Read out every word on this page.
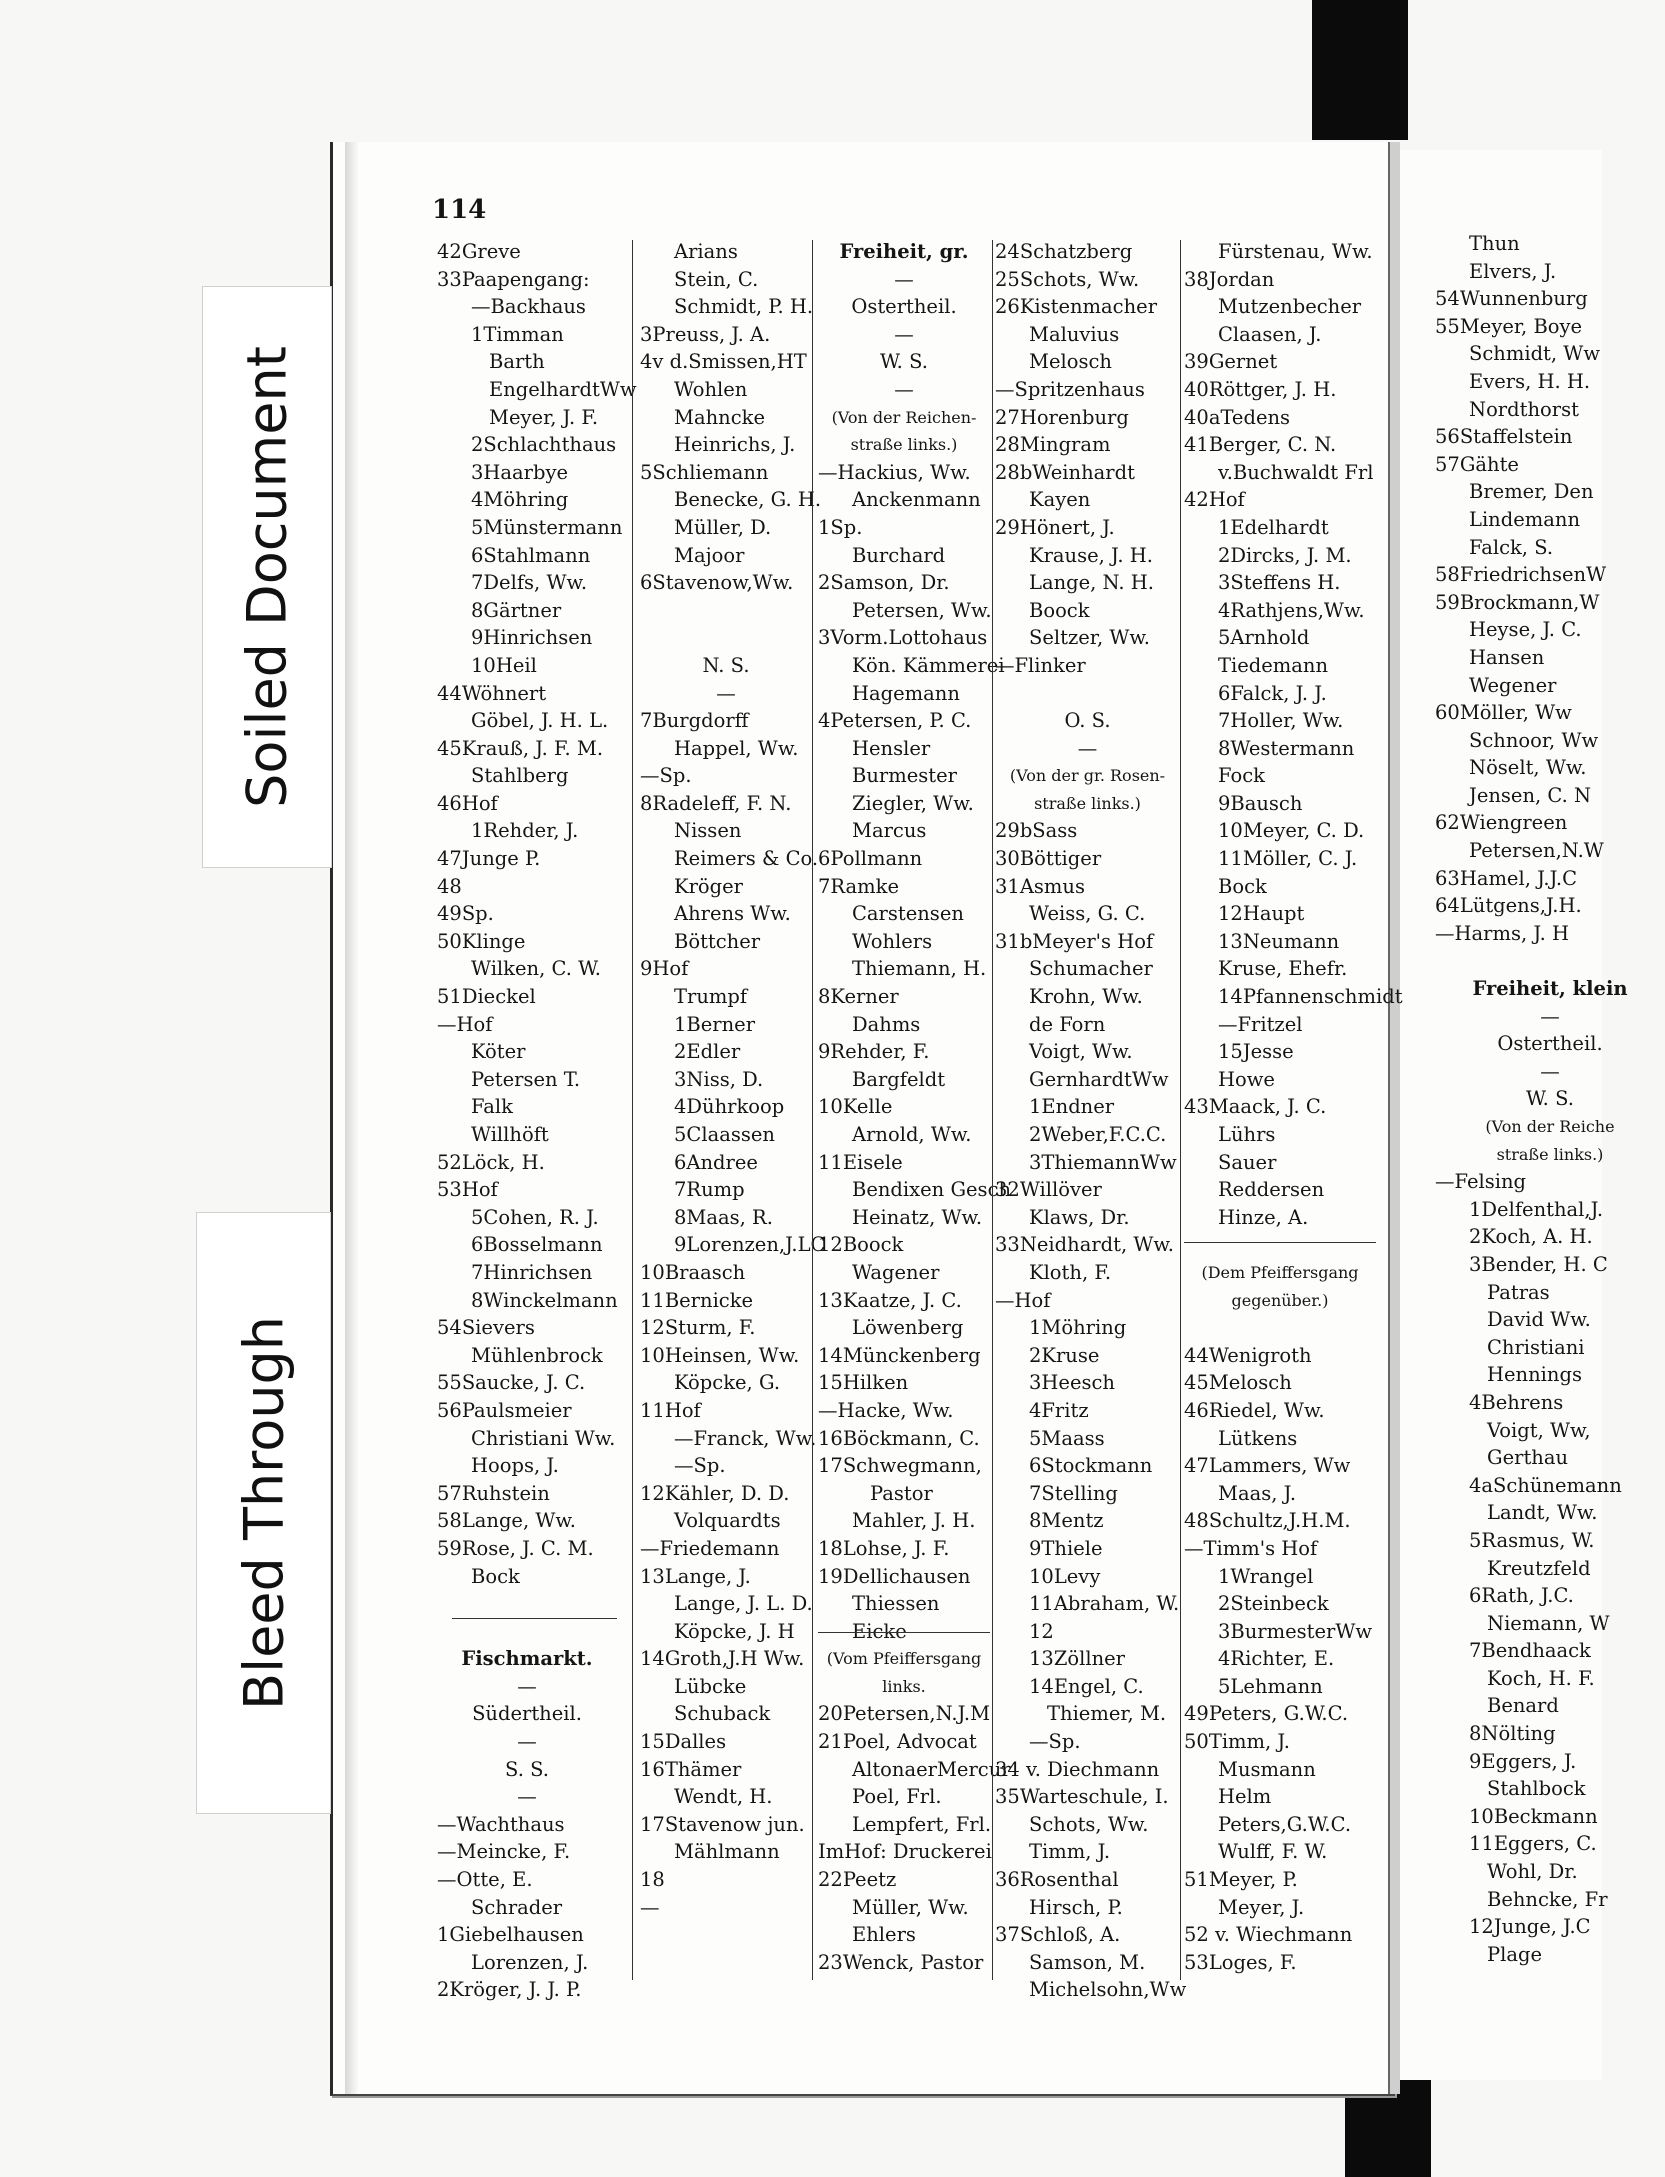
Thun
Elvers, J.
54Wunnenburg
55Meyer, Boye
Schmidt, Ww
Evers, H. H.
Nordthorst
56Staffelstein
57Gähte
Bremer, Den
Lindemann
Falck, S.
58FriedrichsenW
59Brockmann,W
Heyse, J. C.
Hansen
Wegener
60Möller, Ww
Schnoor, Ww
Nöselt, Ww.
Jensen, C. N
62Wiengreen
Petersen,N.W
63Hamel, J.J.C
64Lütgens,J.H.
—Harms, J. H
Freiheit, klein
—
Ostertheil.
—
W. S.
(Von der Reiche
straße links.)
—Felsing
1Delfenthal,J.
2Koch, A. H.
3Bender, H. C
Patras
David Ww.
Christiani
Hennings
4Behrens
Voigt, Ww,
Gerthau
4aSchünemann
Landt, Ww.
5Rasmus, W.
Kreutzfeld
6Rath, J.C.
Niemann, W
7Bendhaack
Koch, H. F.
Benard
8Nölting
9Eggers, J.
Stahlbock
10Beckmann
11Eggers, C.
Wohl, Dr.
Behncke, Fr
12Junge, J.C
Plage
Soiled Document
Bleed Through
114
42Greve
33Paapengang:
—Backhaus
1Timman
Barth
EngelhardtWw
Meyer, J. F.
2Schlachthaus
3Haarbye
4Möhring
5Münstermann
6Stahlmann
7Delfs, Ww.
8Gärtner
9Hinrichsen
10Heil
44Wöhnert
Göbel, J. H. L.
45Krauß, J. F. M.
Stahlberg
46Hof
1Rehder, J.
47Junge P.
48
49Sp.
50Klinge
Wilken, C. W.
51Dieckel
—Hof
Köter
Petersen T.
Falk
Willhöft
52Löck, H.
53Hof
5Cohen, R. J.
6Bosselmann
7Hinrichsen
8Winckelmann
54Sievers
Mühlenbrock
55Saucke, J. C.
56Paulsmeier
Christiani Ww.
Hoops, J.
57Ruhstein
58Lange, Ww.
59Rose, J. C. M.
Bock
Fischmarkt.
—
Südertheil.
—
S. S.
—
—Wachthaus
—Meincke, F.
—Otte, E.
Schrader
1Giebelhausen
Lorenzen, J.
2Kröger, J. J. P.
Arians
Stein, C.
Schmidt, P. H.
3Preuss, J. A.
4v d.Smissen,HT
Wohlen
Mahncke
Heinrichs, J.
5Schliemann
Benecke, G. H.
Müller, D.
Majoor
6Stavenow,Ww.
N. S.
—
7Burgdorff
Happel, Ww.
—Sp.
8Radeleff, F. N.
Nissen
Reimers & Co.
Kröger
Ahrens Ww.
Böttcher
9Hof
Trumpf
1Berner
2Edler
3Niss, D.
4Dührkoop
5Claassen
6Andree
7Rump
8Maas, R.
9Lorenzen,J.LC
10Braasch
11Bernicke
12Sturm, F.
10Heinsen, Ww.
Köpcke, G.
11Hof
—Franck, Ww.
—Sp.
12Kähler, D. D.
Volquardts
—Friedemann
13Lange, J.
Lange, J. L. D.
Köpcke, J. H
14Groth,J.H Ww.
Lübcke
Schuback
15Dalles
16Thämer
Wendt, H.
17Stavenow jun.
Mählmann
18
—
Freiheit, gr.
—
Ostertheil.
—
W. S.
—
(Von der Reichen-
straße links.)
—Hackius, Ww.
Anckenmann
1Sp.
Burchard
2Samson, Dr.
Petersen, Ww.
3Vorm.Lottohaus
Kön. Kämmerei
Hagemann
4Petersen, P. C.
Hensler
Burmester
Ziegler, Ww.
Marcus
6Pollmann
7Ramke
Carstensen
Wohlers
Thiemann, H.
8Kerner
Dahms
9Rehder, F.
Bargfeldt
10Kelle
Arnold, Ww.
11Eisele
Bendixen Gesch
Heinatz, Ww.
12Boock
Wagener
13Kaatze, J. C.
Löwenberg
14Münckenberg
15Hilken
—Hacke, Ww.
16Böckmann, C.
17Schwegmann,
Pastor
Mahler, J. H.
18Lohse, J. F.
19Dellichausen
Thiessen
Eicke
(Vom Pfeiffersgang
links.
20Petersen,N.J.M
21Poel, Advocat
AltonaerMercur
Poel, Frl.
Lempfert, Frl.
ImHof: Druckerei
22Peetz
Müller, Ww.
Ehlers
23Wenck, Pastor
24Schatzberg
25Schots, Ww.
26Kistenmacher
Maluvius
Melosch
—Spritzenhaus
27Horenburg
28Mingram
28bWeinhardt
Kayen
29Hönert, J.
Krause, J. H.
Lange, N. H.
Boock
Seltzer, Ww.
—Flinker
O. S.
—
(Von der gr. Rosen-
straße links.)
29bSass
30Böttiger
31Asmus
Weiss, G. C.
31bMeyer's Hof
Schumacher
Krohn, Ww.
de Forn
Voigt, Ww.
GernhardtWw
1Endner
2Weber,F.C.C.
3ThiemannWw
32Willöver
Klaws, Dr.
33Neidhardt, Ww.
Kloth, F.
—Hof
1Möhring
2Kruse
3Heesch
4Fritz
5Maass
6Stockmann
7Stelling
8Mentz
9Thiele
10Levy
11Abraham, W.
12
13Zöllner
14Engel, C.
Thiemer, M.
—Sp.
34 v. Diechmann
35Warteschule, I.
Schots, Ww.
Timm, J.
36Rosenthal
Hirsch, P.
37Schloß, A.
Samson, M.
Michelsohn,Ww
Fürstenau, Ww.
38Jordan
Mutzenbecher
Claasen, J.
39Gernet
40Röttger, J. H.
40aTedens
41Berger, C. N.
v.Buchwaldt Frl
42Hof
1Edelhardt
2Dircks, J. M.
3Steffens H.
4Rathjens,Ww.
5Arnhold
Tiedemann
6Falck, J. J.
7Holler, Ww.
8Westermann
Fock
9Bausch
10Meyer, C. D.
11Möller, C. J.
Bock
12Haupt
13Neumann
Kruse, Ehefr.
14Pfannenschmidt
—Fritzel
15Jesse
Howe
43Maack, J. C.
Lührs
Sauer
Reddersen
Hinze, A.
(Dem Pfeiffersgang
gegenüber.)
44Wenigroth
45Melosch
46Riedel, Ww.
Lütkens
47Lammers, Ww
Maas, J.
48Schultz,J.H.M.
—Timm's Hof
1Wrangel
2Steinbeck
3BurmesterWw
4Richter, E.
5Lehmann
49Peters, G.W.C.
50Timm, J.
Musmann
Helm
Peters,G.W.C.
Wulff, F. W.
51Meyer, P.
Meyer, J.
52 v. Wiechmann
53Loges, F.
